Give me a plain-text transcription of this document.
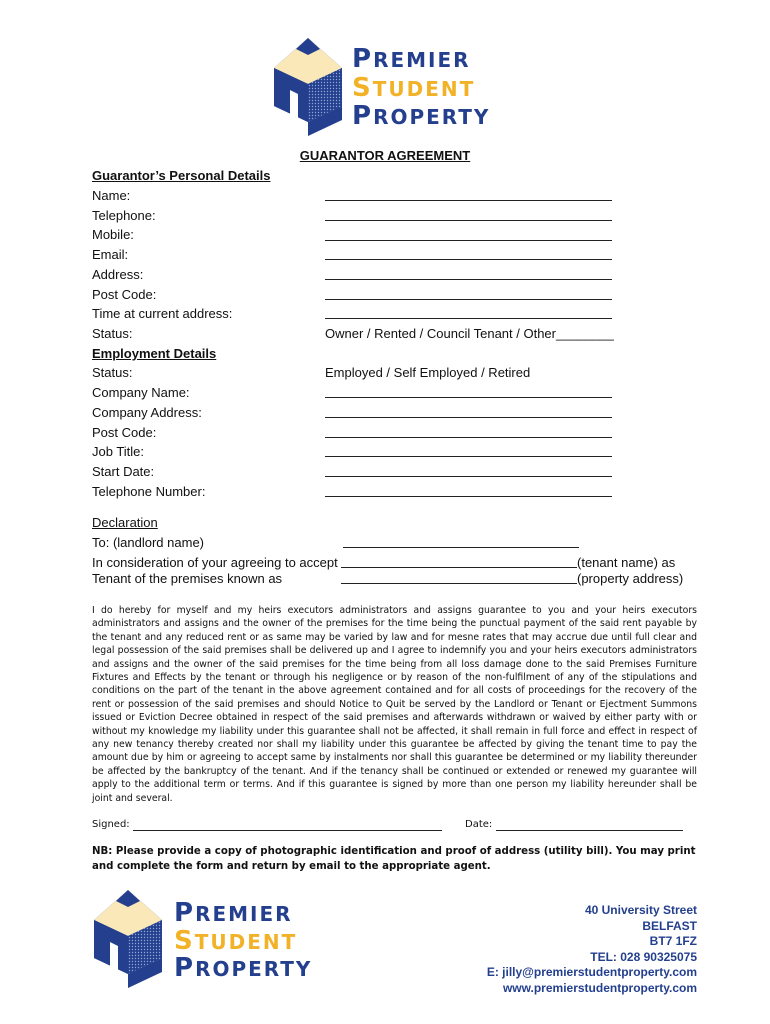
PREMIER
STUDENT
PROPERTY
GUARANTOR AGREEMENT
Guarantor’s Personal Details
Name:
Telephone:
Mobile:
Email:
Address:
Post Code:
Time at current address:
Status:	Owner / Rented / Council Tenant / Other________
Employment Details
Status:	Employed / Self Employed / Retired
Company Name:
Company Address:
Post Code:
Job Title:
Start Date:
Telephone Number:
Declaration
To: (landlord name)
In consideration of your agreeing to accept	(tenant name) as
Tenant of the premises known as	(property address)
I do hereby for myself and my heirs executors administrators and assigns guarantee to you and your heirs executors administrators and assigns and the owner of the premises for the time being the punctual payment of the said rent payable by the tenant and any reduced rent or as same may be varied by law and for mesne rates that may accrue due until full clear and legal possession of the said premises shall be delivered up and I agree to indemnify you and your heirs executors administrators and assigns and the owner of the said premises for the time being from all loss damage done to the said Premises Furniture Fixtures and Effects by the tenant or through his negligence or by reason of the non-fulfilment of any of the stipulations and conditions on the part of the tenant in the above agreement contained and for all costs of proceedings for the recovery of the rent or possession of the said premises and should Notice to Quit be served by the Landlord or Tenant or Ejectment Summons issued or Eviction Decree obtained in respect of the said premises and afterwards withdrawn or waived by either party with or without my knowledge my liability under this guarantee shall not be affected, it shall remain in full force and effect in respect of any new tenancy thereby created nor shall my liability under this guarantee be affected by giving the tenant time to pay the amount due by him or agreeing to accept same by instalments nor shall this guarantee be determined or my liability thereunder be affected by the bankruptcy of the tenant. And if the tenancy shall be continued or extended or renewed my guarantee will apply to the additional term or terms. And if this guarantee is signed by more than one person my liability hereunder shall be joint and several.
Signed:	Date:
NB: Please provide a copy of photographic identification and proof of address (utility bill). You may print and complete the form and return by email to the appropriate agent.
PREMIER
STUDENT
PROPERTY
40 University Street
BELFAST
BT7 1FZ
TEL: 028 90325075
E: jilly@premierstudentproperty.com
www.premierstudentproperty.com
